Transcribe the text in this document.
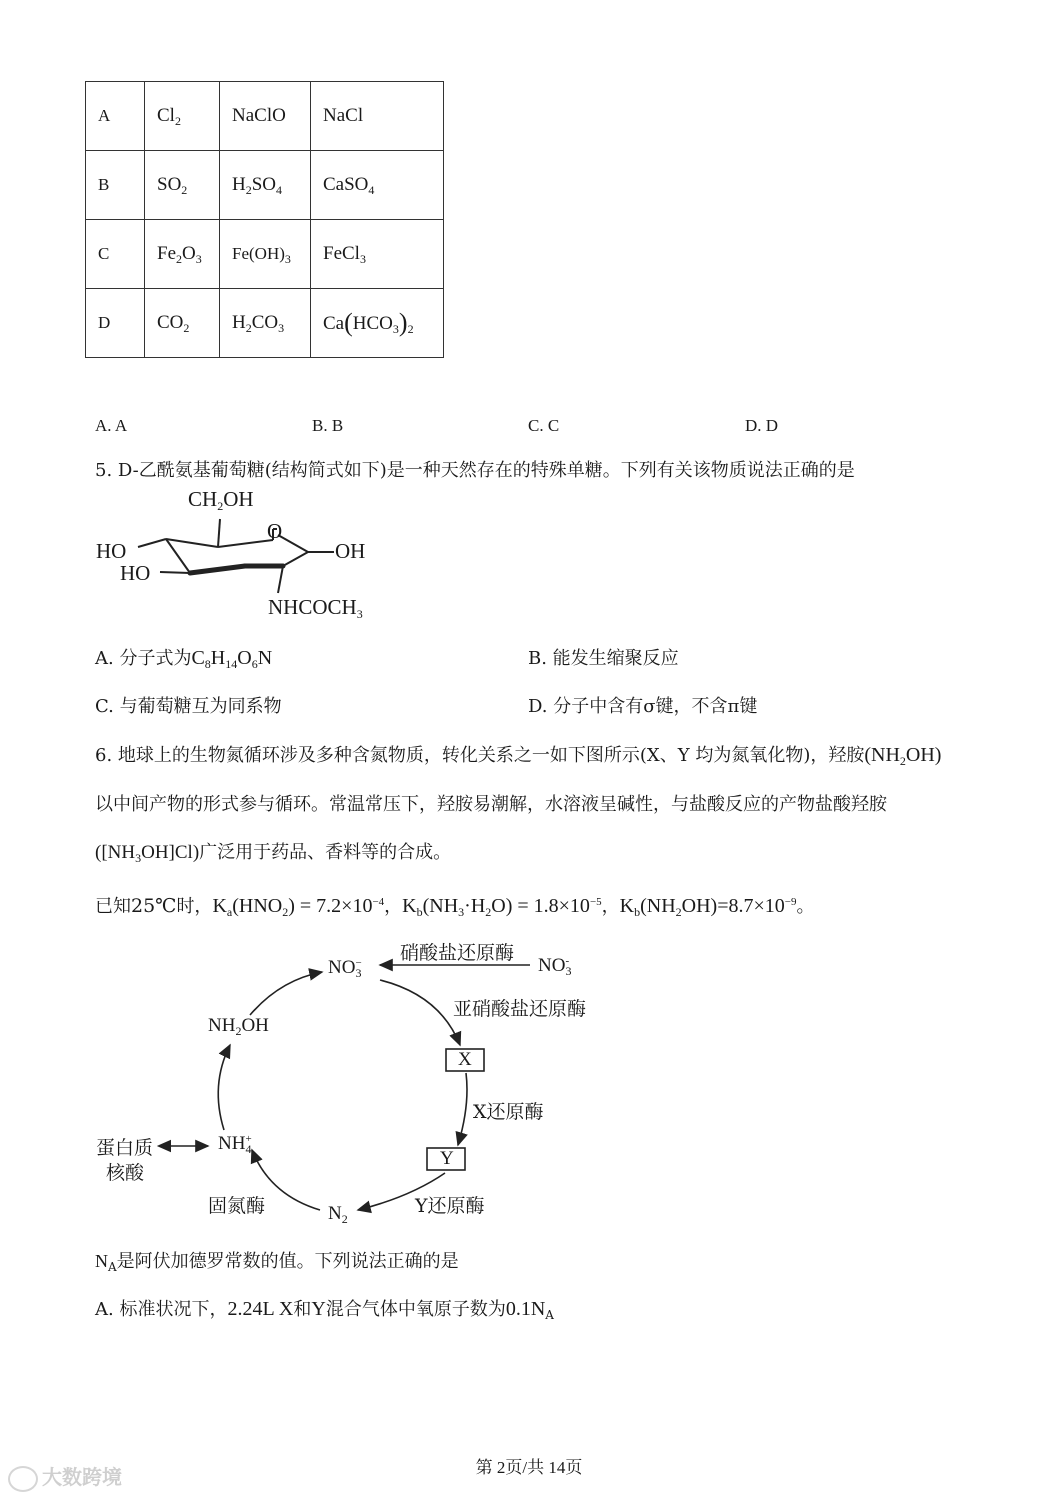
A	$Cl_2$	NaClO	NaCl
B	$SO_2$	$H_2SO_4$	CaSO$_4$
C	$Fe_2O_3$	$Fe(OH)_3$	FeCl$_3$
D	$CO_2$	$H_2CO_3$	$Ca(HCO_3)_2$
A. A	B. B	C. C	D. D
5. D-乙酰氨基葡萄糖(结构简式如下)是一种天然存在的特殊单糖。下列有关该物质说法正确的是
$CH_2OH$
O
OH
HO
HO
$NHCOCH_3$
A. 分子式为$C_8H_{14}O_6N$	B. 能发生缩聚反应
C. 与葡萄糖互为同系物	D. 分子中含有σ键，不含π键
6. 地球上的生物氮循环涉及多种含氮物质，转化关系之一如下图所示(X、Y 均为氮氧化物)，羟胺$(NH_2OH)$
以中间产物的形式参与循环。常温常压下，羟胺易潮解，水溶液呈碱性，与盐酸反应的产物盐酸羟胺
$([NH_3OH]Cl)$广泛用于药品、香料等的合成。
已知25℃时，$K_a(HNO_2) = 7.2\times 10^{-4}$，$K_b(NH_3\cdot H_2O) = 1.8\times 10^{-5}$，$K_b(NH_2OH)=8.7\times 10^{-9}$。
$NO_3^-$	$NO_3^-$
硝酸盐还原酶
亚硝酸盐还原酶
X
X还原酶
Y
Y还原酶
$N_2$
固氮酶
$NH_4^+$
$NH_2OH$
蛋白质
核酸
$N_A$是阿伏加德罗常数的值。下列说法正确的是
A. 标准状况下，2.24L X和Y混合气体中氧原子数为$0.1N_A$
第 2页/共 14页
大数跨境
